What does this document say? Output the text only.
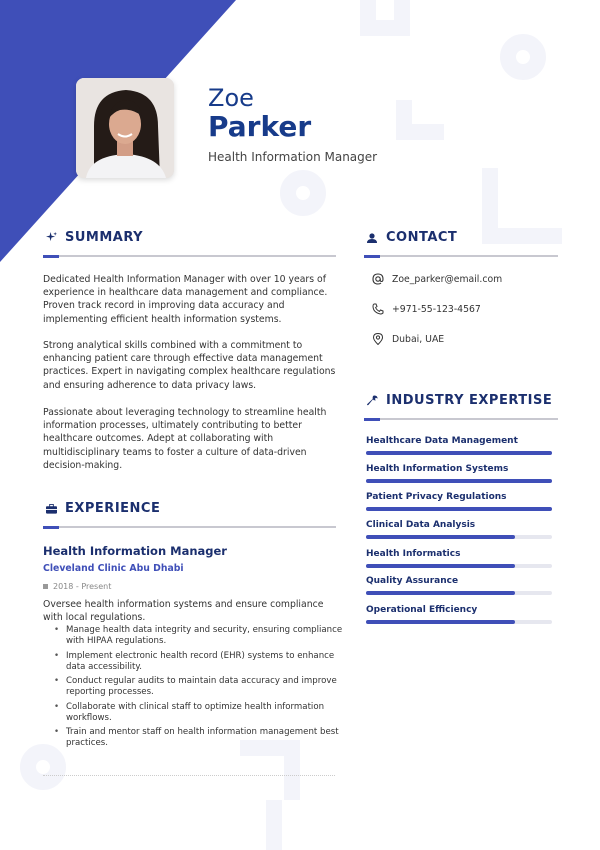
Zoe
Parker
Health Information Manager
SUMMARY
Dedicated Health Information Manager with over 10 years of experience in healthcare data management and compliance. Proven track record in improving data accuracy and implementing efficient health information systems.
Strong analytical skills combined with a commitment to enhancing patient care through effective data management practices. Expert in navigating complex healthcare regulations and ensuring adherence to data privacy laws.
Passionate about leveraging technology to streamline health information processes, ultimately contributing to better healthcare outcomes. Adept at collaborating with multidisciplinary teams to foster a culture of data-driven decision-making.
EXPERIENCE
Health Information Manager
Cleveland Clinic Abu Dhabi
2018 - Present
Oversee health information systems and ensure compliance with local regulations.
• Manage health data integrity and security, ensuring compliance with HIPAA regulations.
• Implement electronic health record (EHR) systems to enhance data accessibility.
• Conduct regular audits to maintain data accuracy and improve reporting processes.
• Collaborate with clinical staff to optimize health information workflows.
• Train and mentor staff on health information management best practices.
CONTACT
Zoe_parker@email.com
+971-55-123-4567
Dubai, UAE
INDUSTRY EXPERTISE
Healthcare Data Management
Health Information Systems
Patient Privacy Regulations
Clinical Data Analysis
Health Informatics
Quality Assurance
Operational Efficiency
